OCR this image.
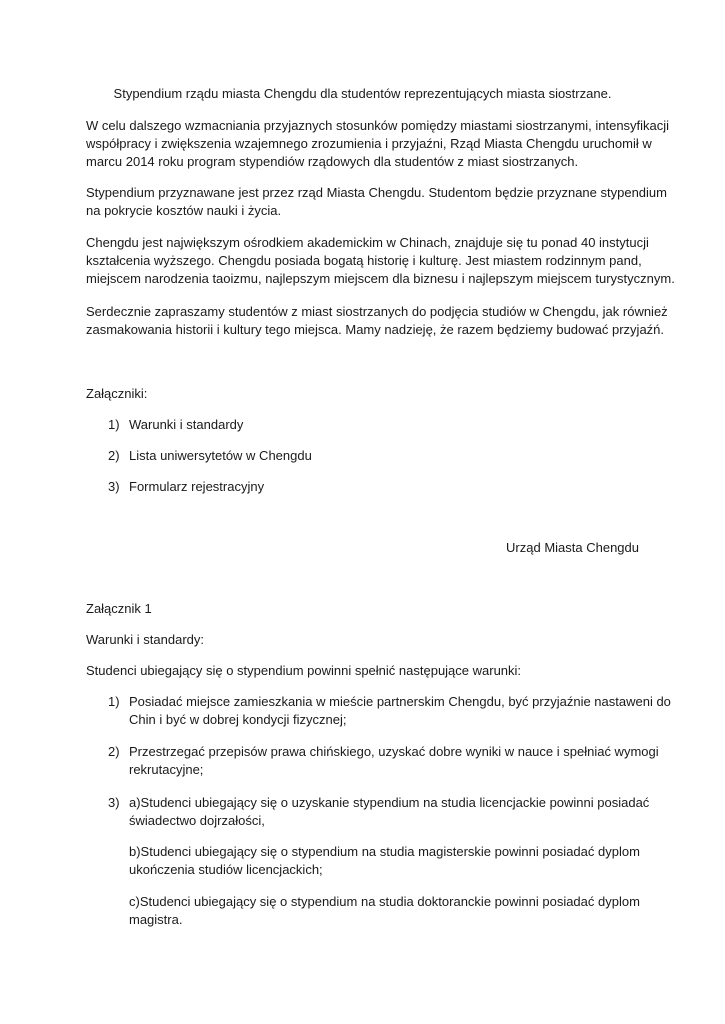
Stypendium rządu miasta Chengdu dla studentów reprezentujących miasta siostrzane.
W celu dalszego wzmacniania przyjaznych stosunków pomiędzy miastami siostrzanymi, intensyfikacji
współpracy i zwiększenia wzajemnego zrozumienia i przyjaźni, Rząd Miasta Chengdu uruchomił w
marcu 2014 roku program stypendiów rządowych dla studentów z miast siostrzanych.
Stypendium przyznawane jest przez rząd Miasta Chengdu. Studentom będzie przyznane stypendium
na pokrycie kosztów nauki i życia.
Chengdu jest największym ośrodkiem akademickim w Chinach, znajduje się tu ponad 40 instytucji
kształcenia wyższego. Chengdu posiada bogatą historię i kulturę. Jest miastem rodzinnym pand,
miejscem narodzenia taoizmu, najlepszym miejscem dla biznesu i najlepszym miejscem turystycznym.
Serdecznie zapraszamy studentów z miast siostrzanych do podjęcia studiów w Chengdu, jak również
zasmakowania historii i kultury tego miejsca. Mamy nadzieję, że razem będziemy budować przyjaźń.
Załączniki:
1) Warunki i standardy
2) Lista uniwersytetów w Chengdu
3) Formularz rejestracyjny
Urząd Miasta Chengdu
Załącznik 1
Warunki i standardy:
Studenci ubiegający się o stypendium powinni spełnić następujące warunki:
1) Posiadać miejsce zamieszkania w mieście partnerskim Chengdu, być przyjaźnie nastaweni do
Chin i być w dobrej kondycji fizycznej;
2) Przestrzegać przepisów prawa chińskiego, uzyskać dobre wyniki w nauce i spełniać wymogi
rekrutacyjne;
3) a)Studenci ubiegający się o uzyskanie stypendium na studia licencjackie powinni posiadać
świadectwo dojrzałości,
b)Studenci ubiegający się o stypendium na studia magisterskie powinni posiadać dyplom
ukończenia studiów licencjackich;
c)Studenci ubiegający się o stypendium na studia doktoranckie powinni posiadać dyplom
magistra.
